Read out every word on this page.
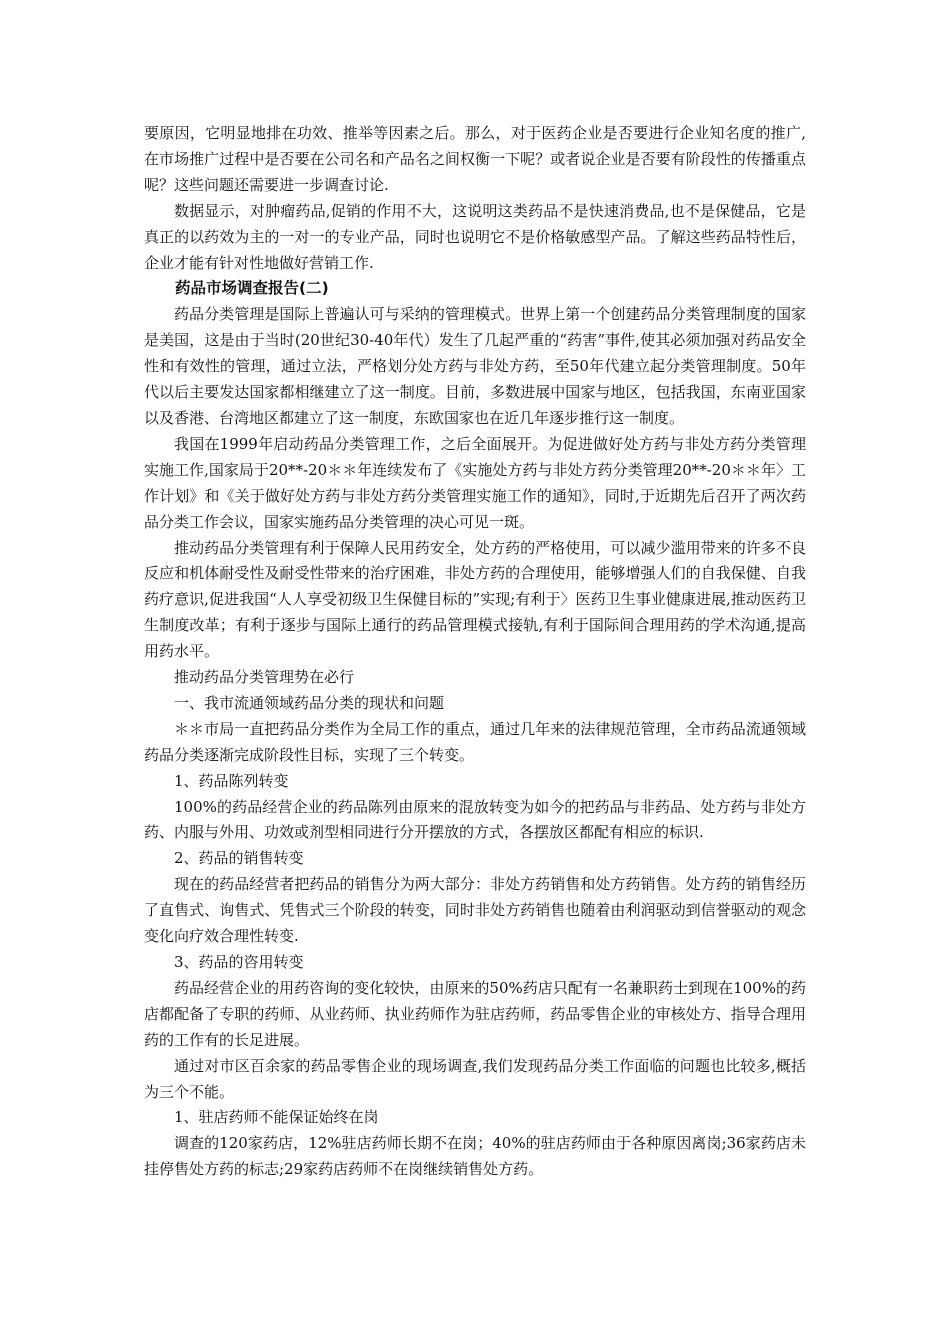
要原因，它明显地排在功效、推举等因素之后。那么，对于医药企业是否要进行企业知名度的推广,在市场推广过程中是否要在公司名和产品名之间权衡一下呢？或者说企业是否要有阶段性的传播重点呢？这些问题还需要进一步调查讨论.

数据显示，对肿瘤药品,促销的作用不大，这说明这类药品不是快速消费品,也不是保健品，它是真正的以药效为主的一对一的专业产品，同时也说明它不是价格敏感型产品。了解这些药品特性后，企业才能有针对性地做好营销工作.

药品市场调查报告(二)

药品分类管理是国际上普遍认可与采纳的管理模式。世界上第一个创建药品分类管理制度的国家是美国，这是由于当时(20世纪30-40年代）发生了几起严重的“药害”事件,使其必须加强对药品安全性和有效性的管理，通过立法，严格划分处方药与非处方药，至50年代建立起分类管理制度。50年代以后主要发达国家都相继建立了这一制度。目前，多数进展中国家与地区，包括我国，东南亚国家以及香港、台湾地区都建立了这一制度，东欧国家也在近几年逐步推行这一制度。

我国在1999年启动药品分类管理工作，之后全面展开。为促进做好处方药与非处方药分类管理实施工作,国家局于20**-20＊＊年连续发布了《实施处方药与非处方药分类管理20**-20＊＊年〉工作计划》和《关于做好处方药与非处方药分类管理实施工作的通知》，同时,于近期先后召开了两次药品分类工作会议，国家实施药品分类管理的决心可见一斑。

推动药品分类管理有利于保障人民用药安全，处方药的严格使用，可以减少滥用带来的许多不良反应和机体耐受性及耐受性带来的治疗困难，非处方药的合理使用，能够增强人们的自我保健、自我药疗意识,促进我国“人人享受初级卫生保健目标的”实现;有利于〉医药卫生事业健康进展,推动医药卫生制度改革；有利于逐步与国际上通行的药品管理模式接轨,有利于国际间合理用药的学术沟通,提高用药水平。

推动药品分类管理势在必行

一、我市流通领域药品分类的现状和问题

＊＊市局一直把药品分类作为全局工作的重点，通过几年来的法律规范管理，全市药品流通领域药品分类逐渐完成阶段性目标，实现了三个转变。

1、药品陈列转变

100%的药品经营企业的药品陈列由原来的混放转变为如今的把药品与非药品、处方药与非处方药、内服与外用、功效或剂型相同进行分开摆放的方式，各摆放区都配有相应的标识.

2、药品的销售转变

现在的药品经营者把药品的销售分为两大部分：非处方药销售和处方药销售。处方药的销售经历了直售式、询售式、凭售式三个阶段的转变，同时非处方药销售也随着由利润驱动到信誉驱动的观念变化向疗效合理性转变.

3、药品的咨用转变

药品经营企业的用药咨询的变化较快，由原来的50%药店只配有一名兼职药士到现在100%的药店都配备了专职的药师、从业药师、执业药师作为驻店药师，药品零售企业的审核处方、指导合理用药的工作有的长足进展。

通过对市区百余家的药品零售企业的现场调查,我们发现药品分类工作面临的问题也比较多,概括为三个不能。

1、驻店药师不能保证始终在岗

调查的120家药店，12%驻店药师长期不在岗；40%的驻店药师由于各种原因离岗;36家药店未挂停售处方药的标志;29家药店药师不在岗继续销售处方药。
